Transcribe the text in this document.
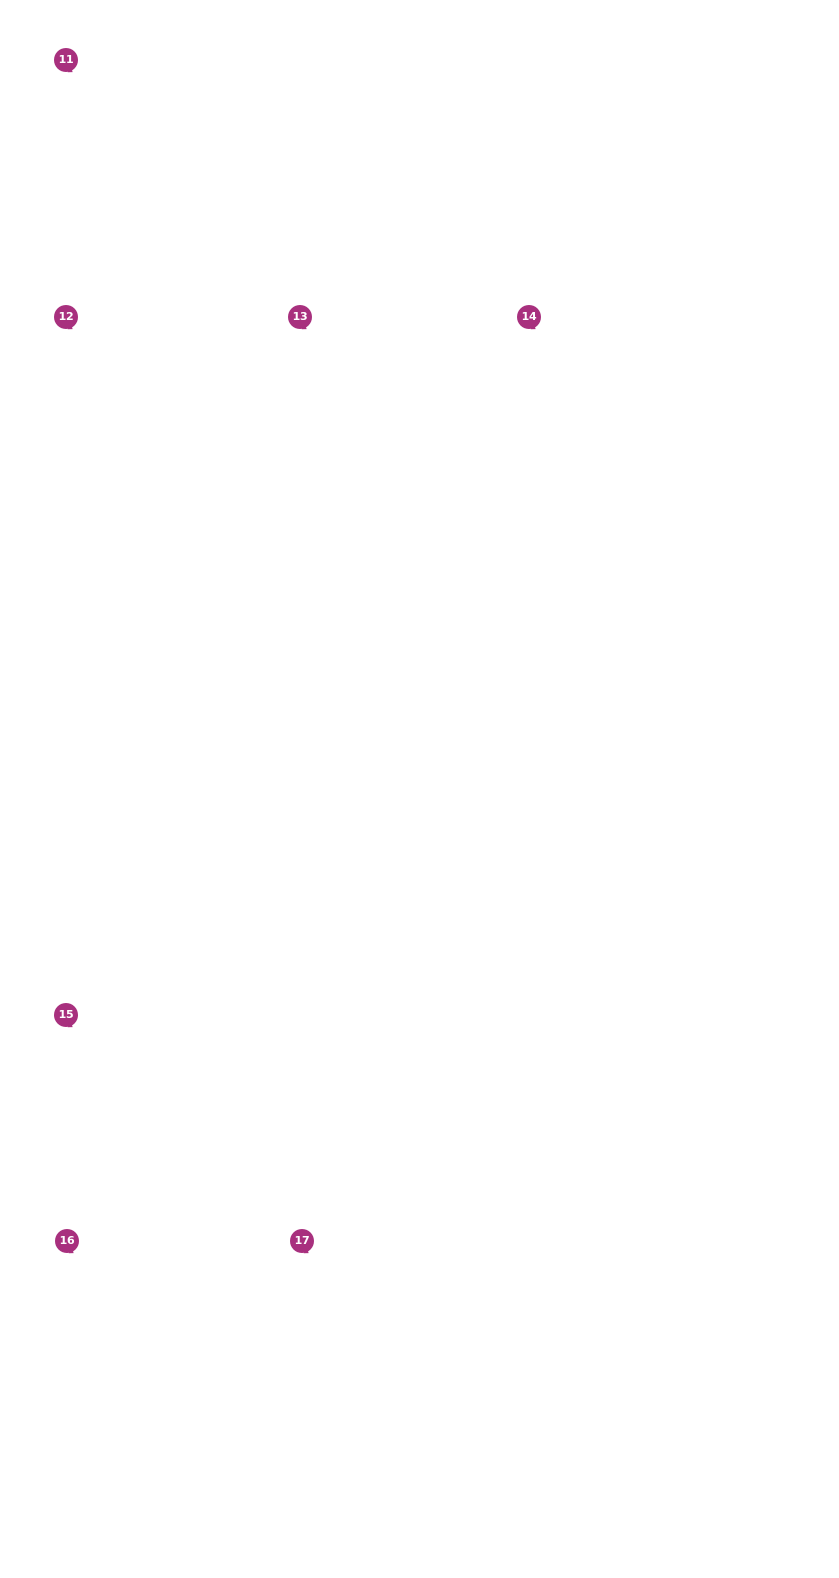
11
12	13	14
15
16	17
